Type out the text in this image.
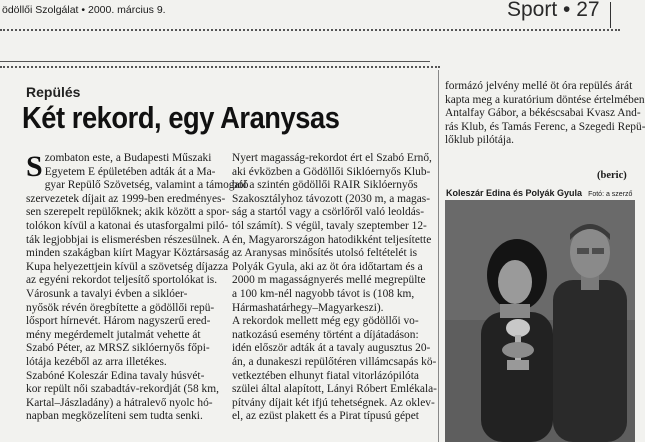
ödöllői Szolgálat • 2000. március 9.	Sport • 27
Repülés
Két rekord, egy Aranysas
S zombaton este, a Budapesti Műszaki
Egyetem E épületében adták át a Ma-
gyar Repülő Szövetség, valamint a támogató
szervezetek díjait az 1999-ben eredményes-
sen szerepelt repülőknek; akik között a spor-
tolókon kívül a katonai és utasforgalmi piló-
ták legjobbjai is elismerésben részesülnek. A
minden szakágban kiírt Magyar Köztársaság
Kupa helyezettjein kívül a szövetség díjazza
az egyéni rekordot teljesítő sportolókat is.
Városunk a tavalyi évben a siklóer-
nyősök révén öregbítette a gödöllői repü-
lősport hírnevét. Három nagyszerű ered-
mény megérdemelt jutalmát vehette át
Szabó Péter, az MRSZ siklóernyős főpi-
lótája kezéből az arra illetékes.
Szabóné Koleszár Edina tavaly húsvét-
kor repült női szabadtáv-rekordját (58 km,
Kartal–Jászladány) a hátralevő nyolc hó-
napban megközelíteni sem tudta senki.
Nyert magasság-rekordot ért el Szabó Ernő,
aki évközben a Gödöllői Siklóernyős Klub-
ból a szintén gödöllői RAIR Siklóernyős
Szakosztályhoz távozott (2030 m, a magas-
ság a startól vagy a csörlőről való leoldás-
tól számít). S végül, tavaly szeptember 12-
én, Magyarországon hatodikként teljesítette
az Aranysas minősítés utolsó feltételét is
Polyák Gyula, aki az öt óra időtartam és a
2000 m magasságnyerés mellé megrepülte
a 100 km-nél nagyobb távot is (108 km,
Hármashatárhegy–Magyarkeszi).
A rekordok mellett még egy gödöllői vo-
natkozású esemény történt a díjátadáson:
idén először adták át a tavaly augusztus 20-
án, a dunakeszi repülőtéren villámcsapás kö-
vetkeztében elhunyt fiatal vitorlázópilóta
szülei által alapított, Lányi Róbert Emlékala-
pítvány díjait két ifjú tehetségnek. Az oklev-
el, az ezüst plakett és a Pirat típusú gépet
formázó jelvény mellé öt óra repülés árát
kapta meg a kuratórium döntése értelmében
Antalfay Gábor, a békéscsabai Kvasz And-
rás Klub, és Tamás Ferenc, a Szegedi Repü-
lőklub pilótája.
(beric)
Koleszár Edina és Polyák Gyula Fotó: a szerző
